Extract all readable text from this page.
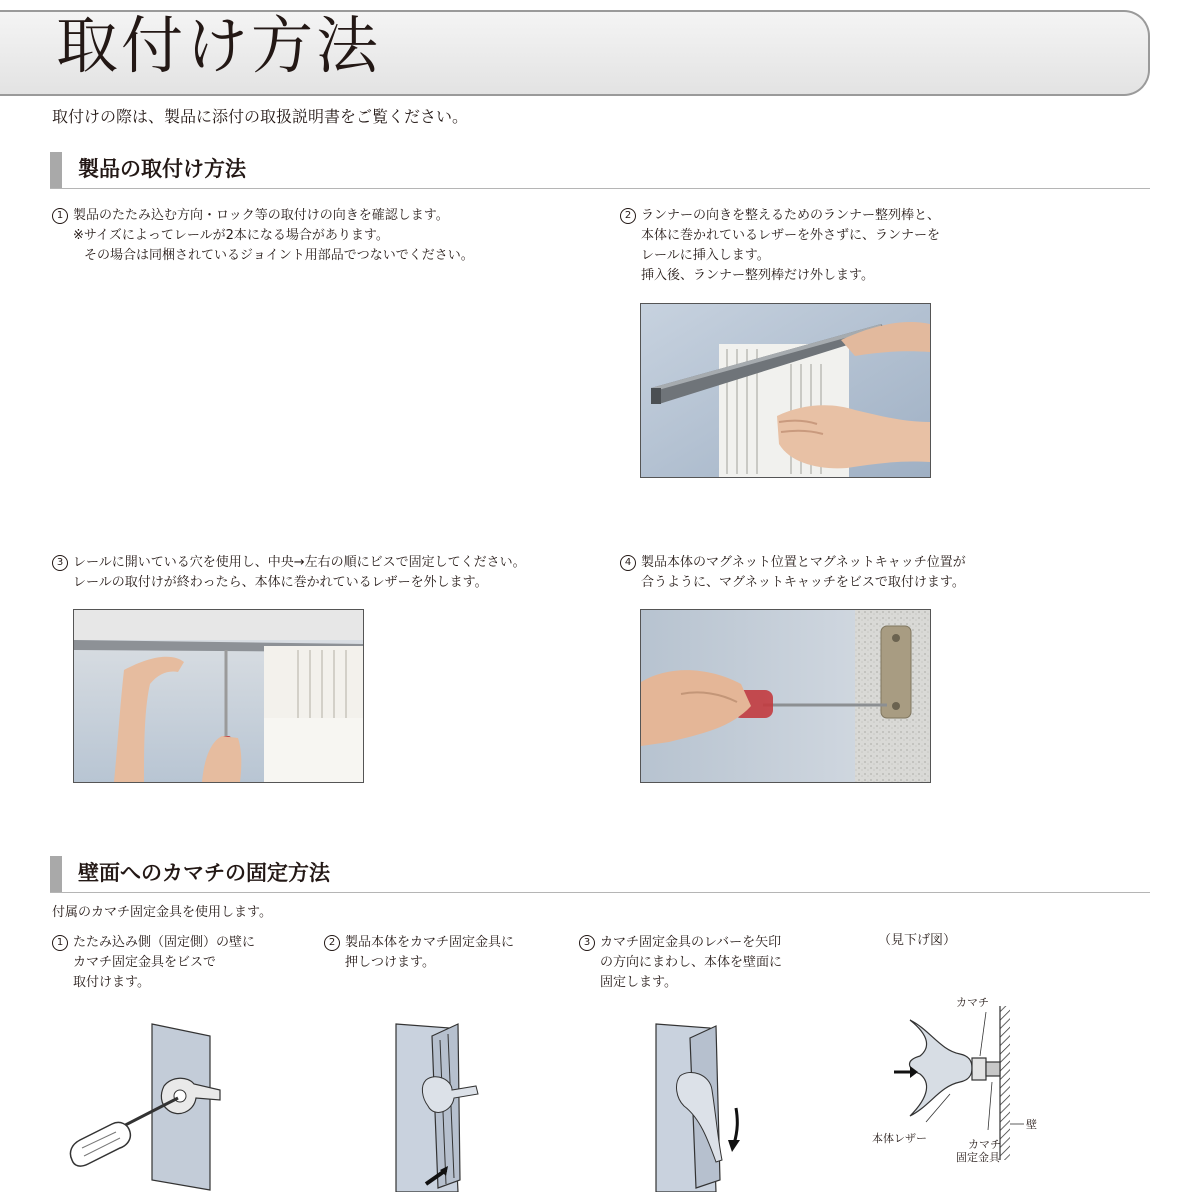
取付け方法
取付けの際は、製品に添付の取扱説明書をご覧ください。
製品の取付け方法
1 製品のたたみ込む方向・ロック等の取付けの向きを確認します。
※サイズによってレールが2本になる場合があります。
その場合は同梱されているジョイント用部品でつないでください。
2 ランナーの向きを整えるためのランナー整列棒と、
本体に巻かれているレザーを外さずに、ランナーを
レールに挿入します。
挿入後、ランナー整列棒だけ外します。
3 レールに開いている穴を使用し、中央→左右の順にビスで固定してください。
レールの取付けが終わったら、本体に巻かれているレザーを外します。
4 製品本体のマグネット位置とマグネットキャッチ位置が
合うように、マグネットキャッチをビスで取付けます。
壁面へのカマチの固定方法
付属のカマチ固定金具を使用します。
1 たたみ込み側（固定側）の壁に
カマチ固定金具をビスで
取付けます。
2 製品本体をカマチ固定金具に
押しつけます。
3 カマチ固定金具のレバーを矢印
の方向にまわし、本体を壁面に
固定します。
（見下げ図）
カマチ
壁
本体レザー	カマチ
固定金具
